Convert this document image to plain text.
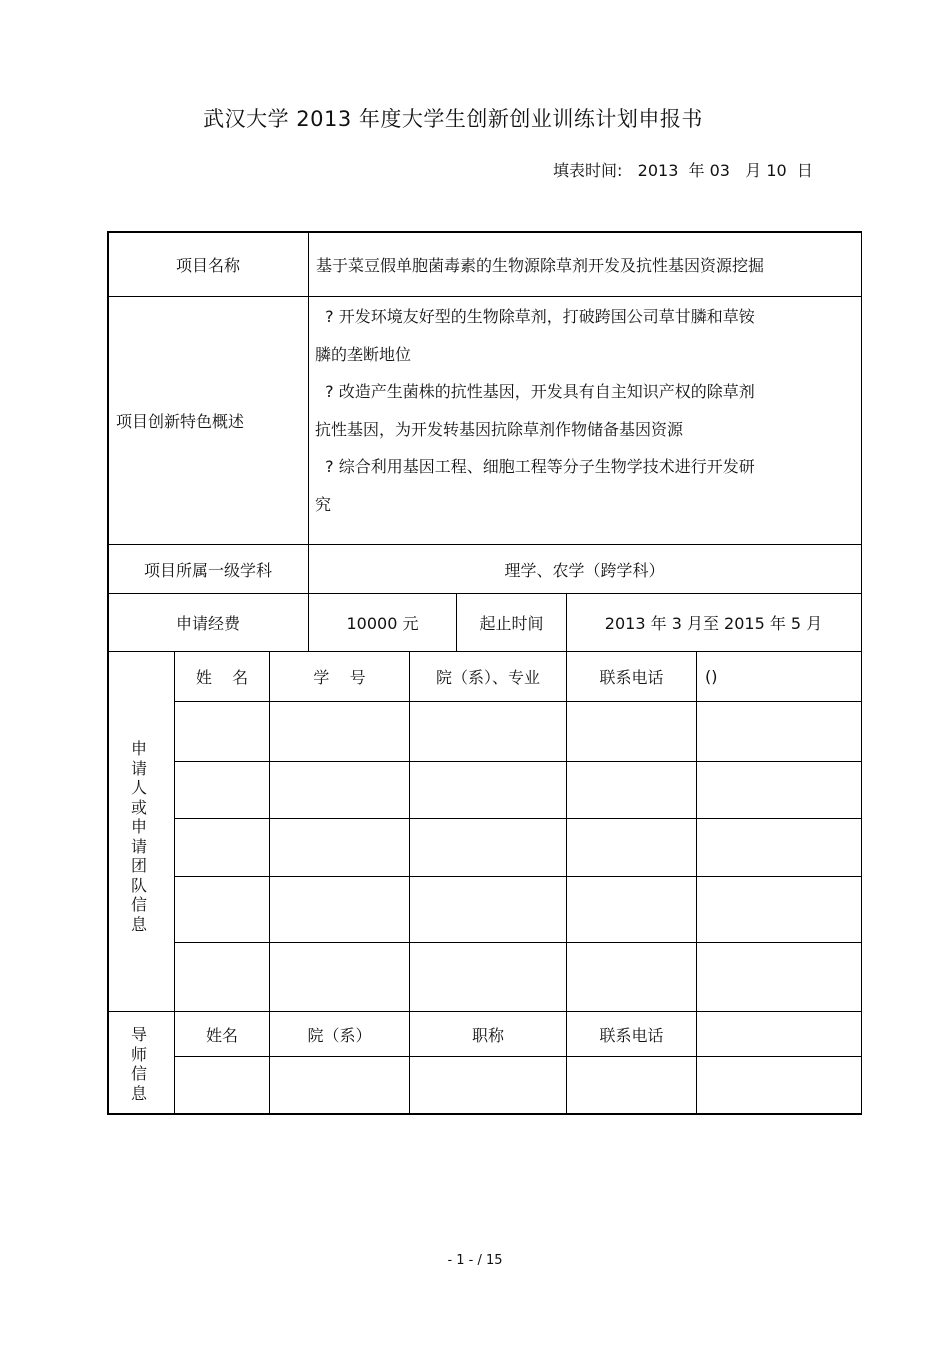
武汉大学 2013 年度大学生创新创业训练计划申报书
填表时间:   2013  年 03   月 10  日
项目名称	基于菜豆假单胞菌毒素的生物源除草剂开发及抗性基因资源挖掘
项目创新特色概述
? 开发环境友好型的生物除草剂，打破跨国公司草甘膦和草铵
膦的垄断地位
? 改造产生菌株的抗性基因，开发具有自主知识产权的除草剂
抗性基因，为开发转基因抗除草剂作物储备基因资源
? 综合利用基因工程、细胞工程等分子生物学技术进行开发研
究
项目所属一级学科	理学、农学（跨学科）
申请经费	10000 元	起止时间	2013 年 3 月至 2015 年 5 月
申请人或申请团队信息
姓    名	学    号	院（系）、专业	联系电话	()
导师信息
姓名	院（系）	职称	联系电话
- 1 - / 15
